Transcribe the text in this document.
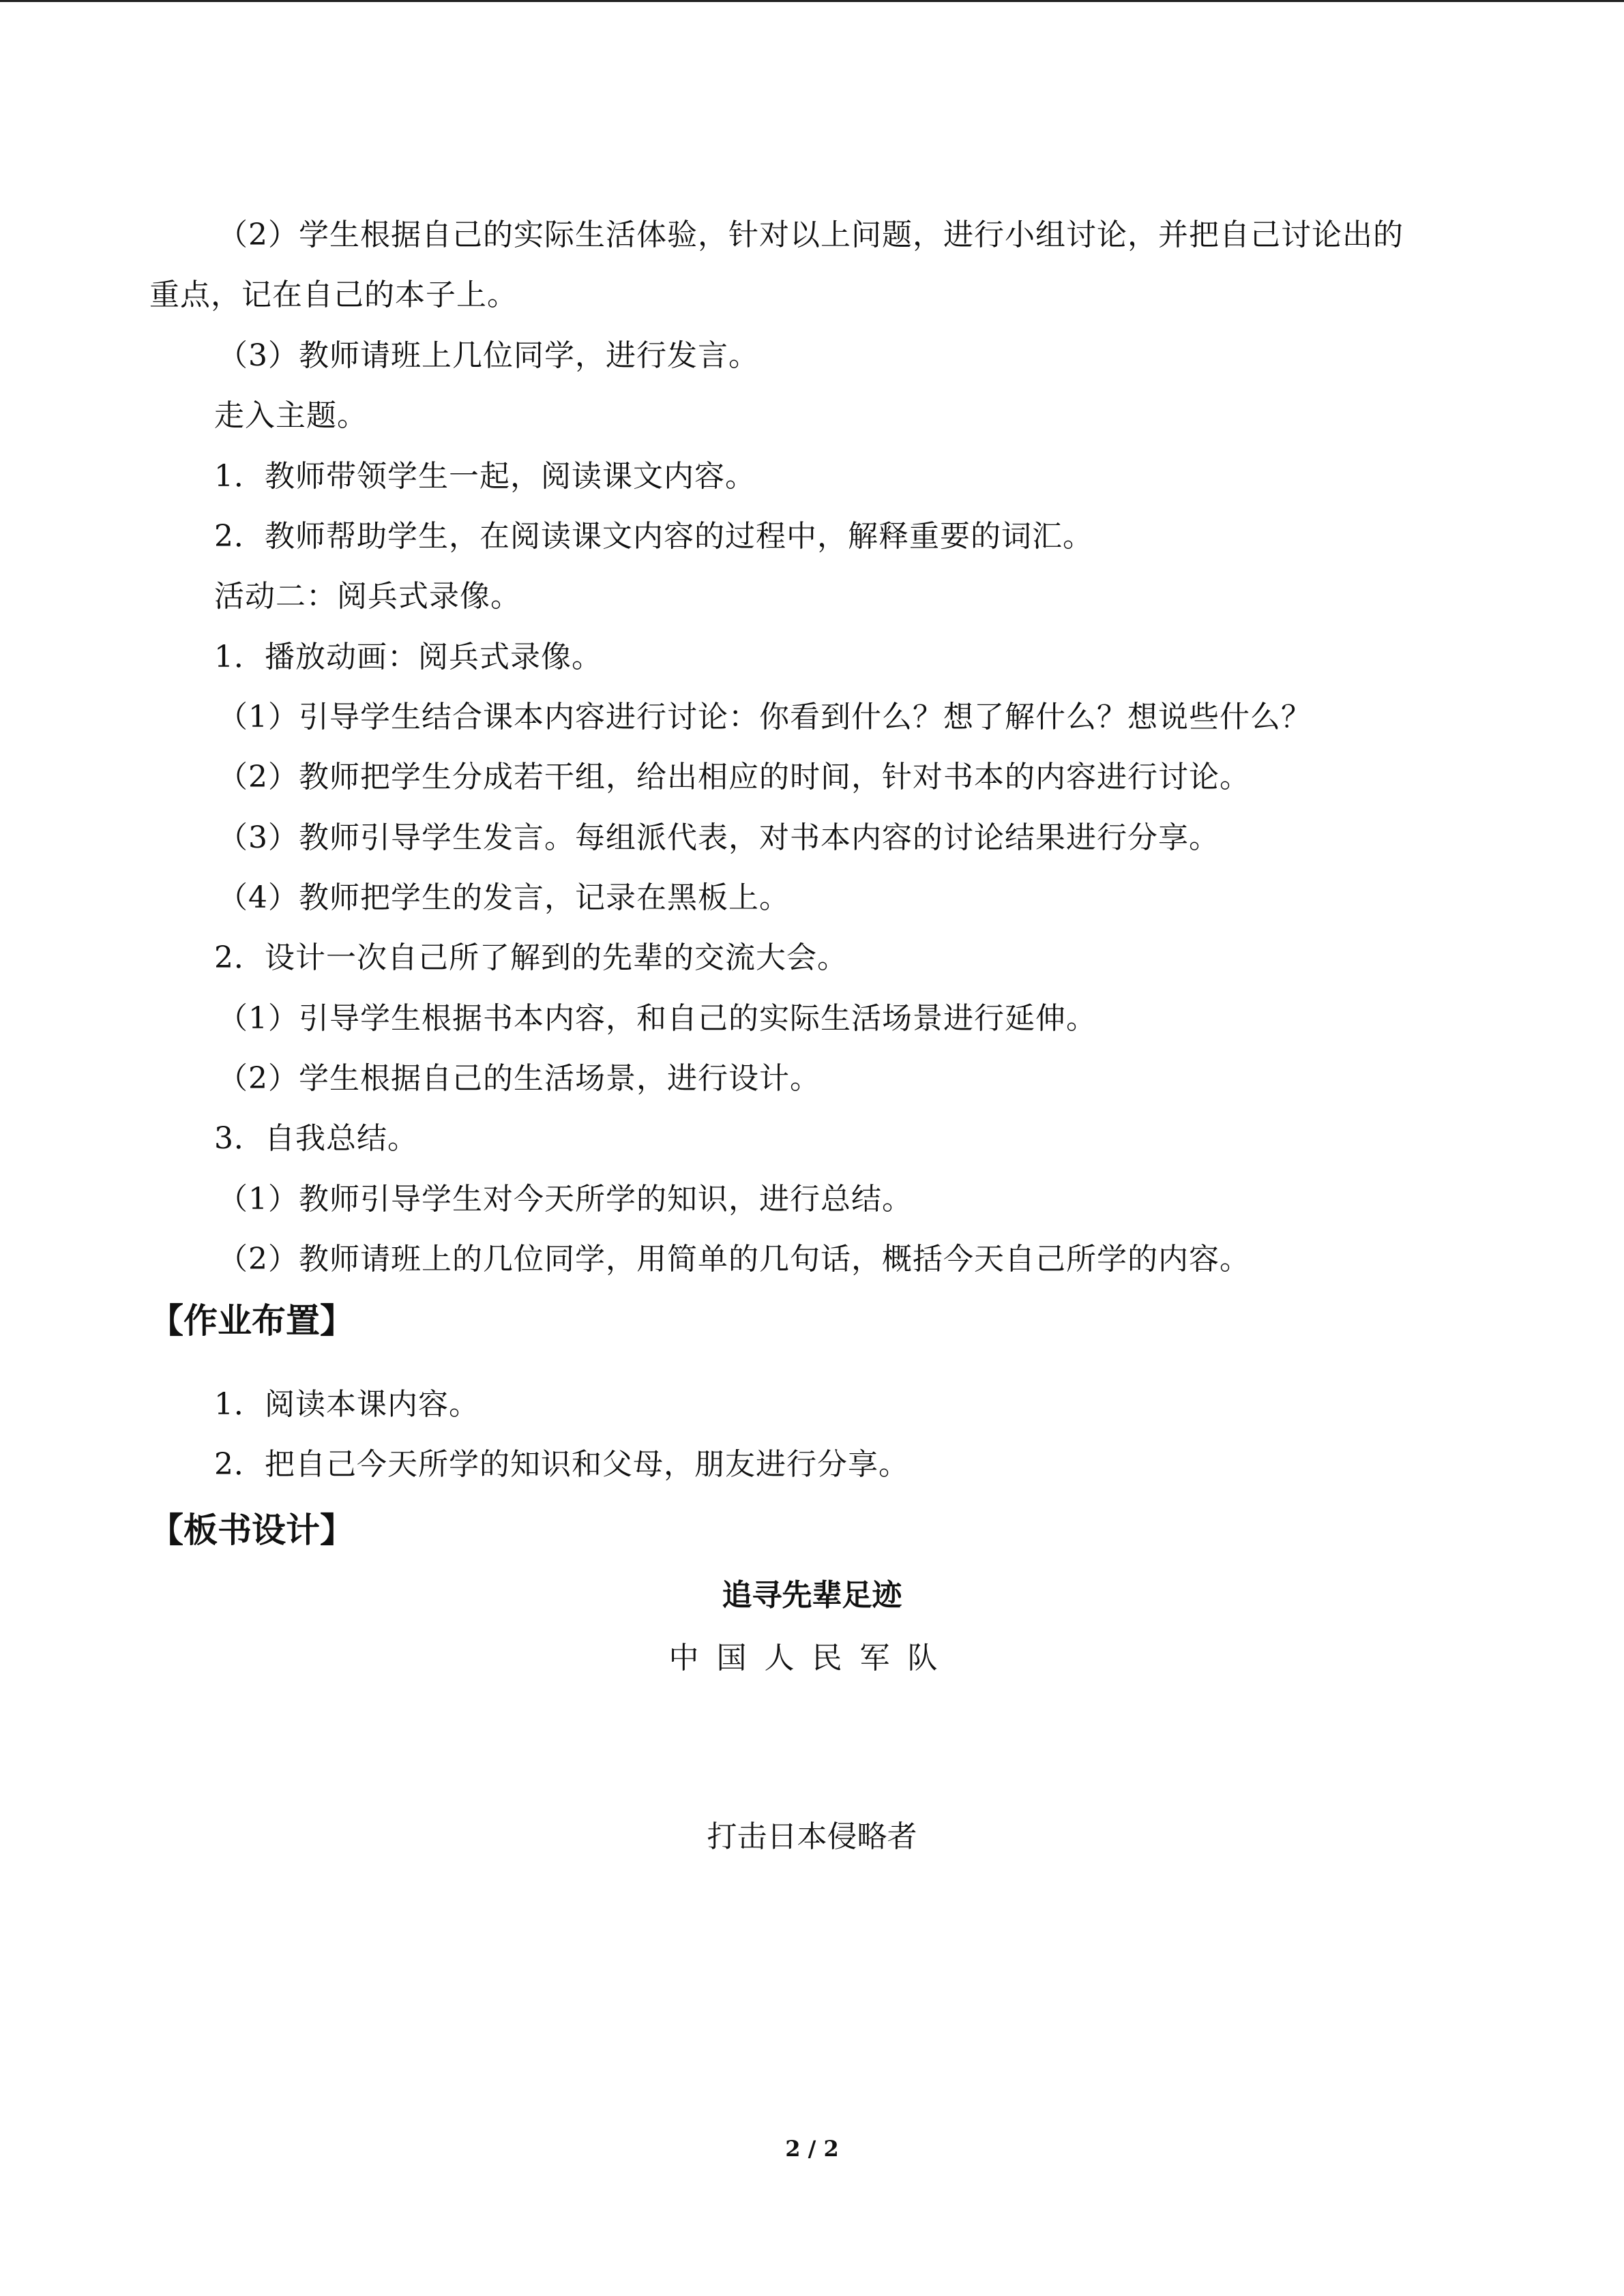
（2）学生根据自己的实际生活体验，针对以上问题，进行小组讨论，并把自己讨论出的
重点，记在自己的本子上。
（3）教师请班上几位同学，进行发言。
走入主题。
1．教师带领学生一起，阅读课文内容。
2．教师帮助学生，在阅读课文内容的过程中，解释重要的词汇。
活动二：阅兵式录像。
1．播放动画：阅兵式录像。
（1）引导学生结合课本内容进行讨论：你看到什么？想了解什么？想说些什么？
（2）教师把学生分成若干组，给出相应的时间，针对书本的内容进行讨论。
（3）教师引导学生发言。每组派代表，对书本内容的讨论结果进行分享。
（4）教师把学生的发言，记录在黑板上。
2．设计一次自己所了解到的先辈的交流大会。
（1）引导学生根据书本内容，和自己的实际生活场景进行延伸。
（2）学生根据自己的生活场景，进行设计。
3．自我总结。
（1）教师引导学生对今天所学的知识，进行总结。
（2）教师请班上的几位同学，用简单的几句话，概括今天自己所学的内容。
【作业布置】
1．阅读本课内容。
2．把自己今天所学的知识和父母，朋友进行分享。
【板书设计】
追寻先辈足迹
中国人民军队
打击日本侵略者
2 / 2
